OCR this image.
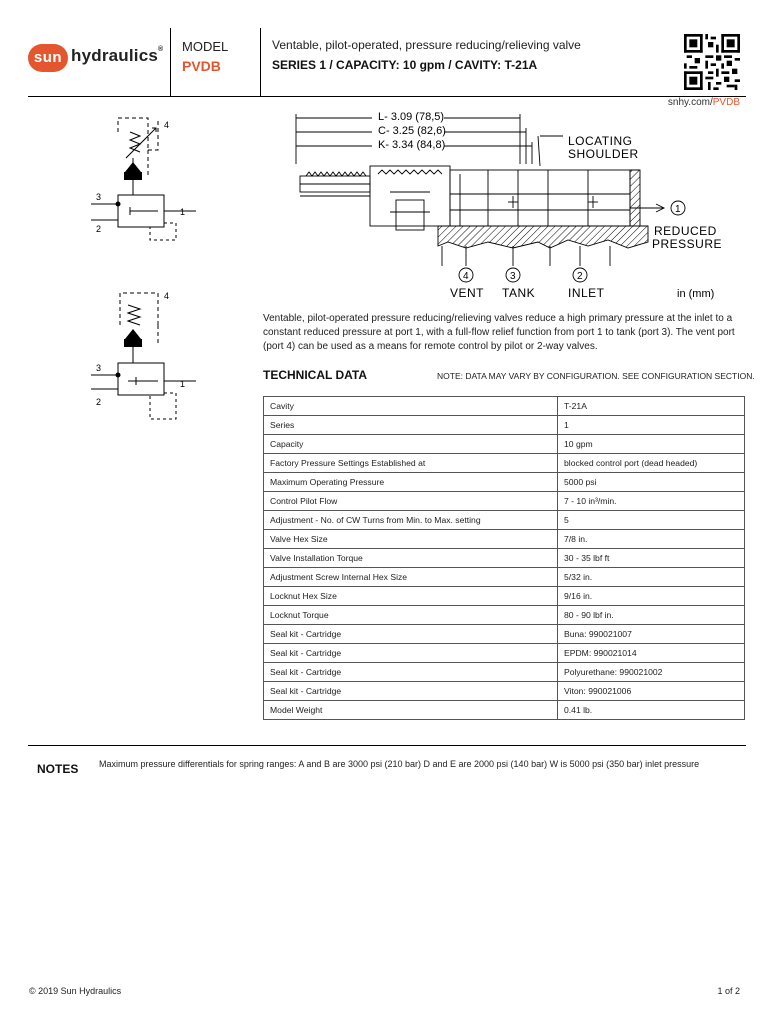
sun hydraulics® MODEL
PVDB
Ventable, pilot-operated, pressure reducing/relieving valve
SERIES 1 / CAPACITY: 10 gpm / CAVITY: T-21A
snhy.com/PVDB
4
3
2
1
4
3
2
1
L- 3.09 (78,5)
C- 3.25 (82,6)
K- 3.34 (84,8)	LOCATING
SHOULDER
1
REDUCED
PRESSURE
4	3	2
VENT TANK	INLET	in (mm)
Ventable, pilot-operated pressure reducing/relieving valves reduce a high primary pressure at the inlet to a constant reduced pressure at port 1, with a full-flow relief function from port 1 to tank (port 3). The vent port (port 4) can be used as a means for remote control by pilot or 2-way valves.
TECHNICAL DATA	NOTE: DATA MAY VARY BY CONFIGURATION. SEE CONFIGURATION SECTION.
Cavity	T-21A
Series	1
Capacity	10 gpm
Factory Pressure Settings Established at	blocked control port (dead headed)
Maximum Operating Pressure	5000 psi
Control Pilot Flow	7 - 10 in³/min.
Adjustment - No. of CW Turns from Min. to Max. setting	5
Valve Hex Size	7/8 in.
Valve Installation Torque	30 - 35 lbf ft
Adjustment Screw Internal Hex Size	5/32 in.
Locknut Hex Size	9/16 in.
Locknut Torque	80 - 90 lbf in.
Seal kit - Cartridge	Buna: 990021007
Seal kit - Cartridge	EPDM: 990021014
Seal kit - Cartridge	Polyurethane: 990021002
Seal kit - Cartridge	Viton: 990021006
Model Weight	0.41 lb.
NOTES Maximum pressure differentials for spring ranges: A and B are 3000 psi (210 bar) D and E are 2000 psi (140 bar) W is 5000 psi (350 bar) inlet pressure
© 2019 Sun Hydraulics	1 of 2
